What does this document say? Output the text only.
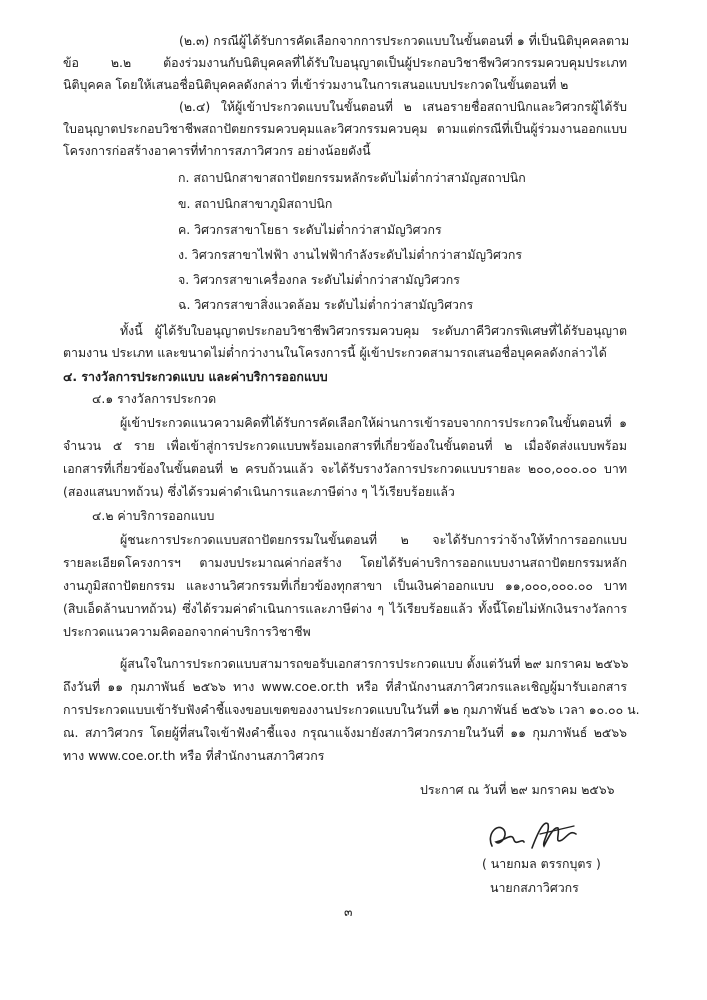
(๒.๓) กรณีผู้ได้รับการคัดเลือกจากการประกวดแบบในขั้นตอนที่ ๑ ที่เป็นนิติบุคคลตาม
ข้อ ๒.๒ ต้องร่วมงานกับนิติบุคคลที่ได้รับใบอนุญาตเป็นผู้ประกอบวิชาชีพวิศวกรรมควบคุมประเภท
นิติบุคคล โดยให้เสนอชื่อนิติบุคคลดังกล่าว ที่เข้าร่วมงานในการเสนอแบบประกวดในขั้นตอนที่ ๒
(๒.๔) ให้ผู้เข้าประกวดแบบในขั้นตอนที่ ๒ เสนอรายชื่อสถาปนิกและวิศวกรผู้ได้รับ
ใบอนุญาตประกอบวิชาชีพสถาปัตยกรรมควบคุมและวิศวกรรมควบคุม ตามแต่กรณีที่เป็นผู้ร่วมงานออกแบบ
โครงการก่อสร้างอาคารที่ทำการสภาวิศวกร อย่างน้อยดังนี้
ก. สถาปนิกสาขาสถาปัตยกรรมหลักระดับไม่ต่ำกว่าสามัญสถาปนิก
ข. สถาปนิกสาขาภูมิสถาปนิก
ค. วิศวกรสาขาโยธา ระดับไม่ต่ำกว่าสามัญวิศวกร
ง. วิศวกรสาขาไฟฟ้า งานไฟฟ้ากำลังระดับไม่ต่ำกว่าสามัญวิศวกร
จ. วิศวกรสาขาเครื่องกล ระดับไม่ต่ำกว่าสามัญวิศวกร
ฉ. วิศวกรสาขาสิ่งแวดล้อม ระดับไม่ต่ำกว่าสามัญวิศวกร
ทั้งนี้ ผู้ได้รับใบอนุญาตประกอบวิชาชีพวิศวกรรมควบคุม ระดับภาคีวิศวกรพิเศษที่ได้รับอนุญาต
ตามงาน ประเภท และขนาดไม่ต่ำกว่างานในโครงการนี้ ผู้เข้าประกวดสามารถเสนอชื่อบุคคลดังกล่าวได้
๔. รางวัลการประกวดแบบ และค่าบริการออกแบบ
๔.๑ รางวัลการประกวด
ผู้เข้าประกวดแนวความคิดที่ได้รับการคัดเลือกให้ผ่านการเข้ารอบจากการประกวดในขั้นตอนที่ ๑
จำนวน ๕ ราย เพื่อเข้าสู่การประกวดแบบพร้อมเอกสารที่เกี่ยวข้องในขั้นตอนที่ ๒ เมื่อจัดส่งแบบพร้อม
เอกสารที่เกี่ยวข้องในขั้นตอนที่ ๒ ครบถ้วนแล้ว จะได้รับรางวัลการประกวดแบบรายละ ๒๐๐,๐๐๐.๐๐ บาท
(สองแสนบาทถ้วน) ซึ่งได้รวมค่าดำเนินการและภาษีต่าง ๆ ไว้เรียบร้อยแล้ว
๔.๒ ค่าบริการออกแบบ
ผู้ชนะการประกวดแบบสถาปัตยกรรมในขั้นตอนที่ ๒ จะได้รับการว่าจ้างให้ทำการออกแบบ
รายละเอียดโครงการฯ ตามงบประมาณค่าก่อสร้าง โดยได้รับค่าบริการออกแบบงานสถาปัตยกรรมหลัก
งานภูมิสถาปัตยกรรม และงานวิศวกรรมที่เกี่ยวข้องทุกสาขา เป็นเงินค่าออกแบบ ๑๑,๐๐๐,๐๐๐.๐๐ บาท
(สิบเอ็ดล้านบาทถ้วน) ซึ่งได้รวมค่าดำเนินการและภาษีต่าง ๆ ไว้เรียบร้อยแล้ว ทั้งนี้โดยไม่หักเงินรางวัลการ
ประกวดแนวความคิดออกจากค่าบริการวิชาชีพ
ผู้สนใจในการประกวดแบบสามารถขอรับเอกสารการประกวดแบบ ตั้งแต่วันที่ ๒๙ มกราคม ๒๕๖๖
ถึงวันที่ ๑๑ กุมภาพันธ์ ๒๕๖๖ ทาง www.coe.or.th หรือ ที่สำนักงานสภาวิศวกรและเชิญผู้มารับเอกสาร
การประกวดแบบเข้ารับฟังคำชี้แจงขอบเขตของงานประกวดแบบในวันที่ ๑๒ กุมภาพันธ์ ๒๕๖๖ เวลา ๑๐.๐๐ น.
ณ. สภาวิศวกร โดยผู้ที่สนใจเข้าฟังคำชี้แจง กรุณาแจ้งมายังสภาวิศวกรภายในวันที่ ๑๑ กุมภาพันธ์ ๒๕๖๖
ทาง www.coe.or.th หรือ ที่สำนักงานสภาวิศวกร
ประกาศ ณ วันที่ ๒๙ มกราคม ๒๕๖๖
( นายกมล ตรรกบุตร )
นายกสภาวิศวกร
๓
